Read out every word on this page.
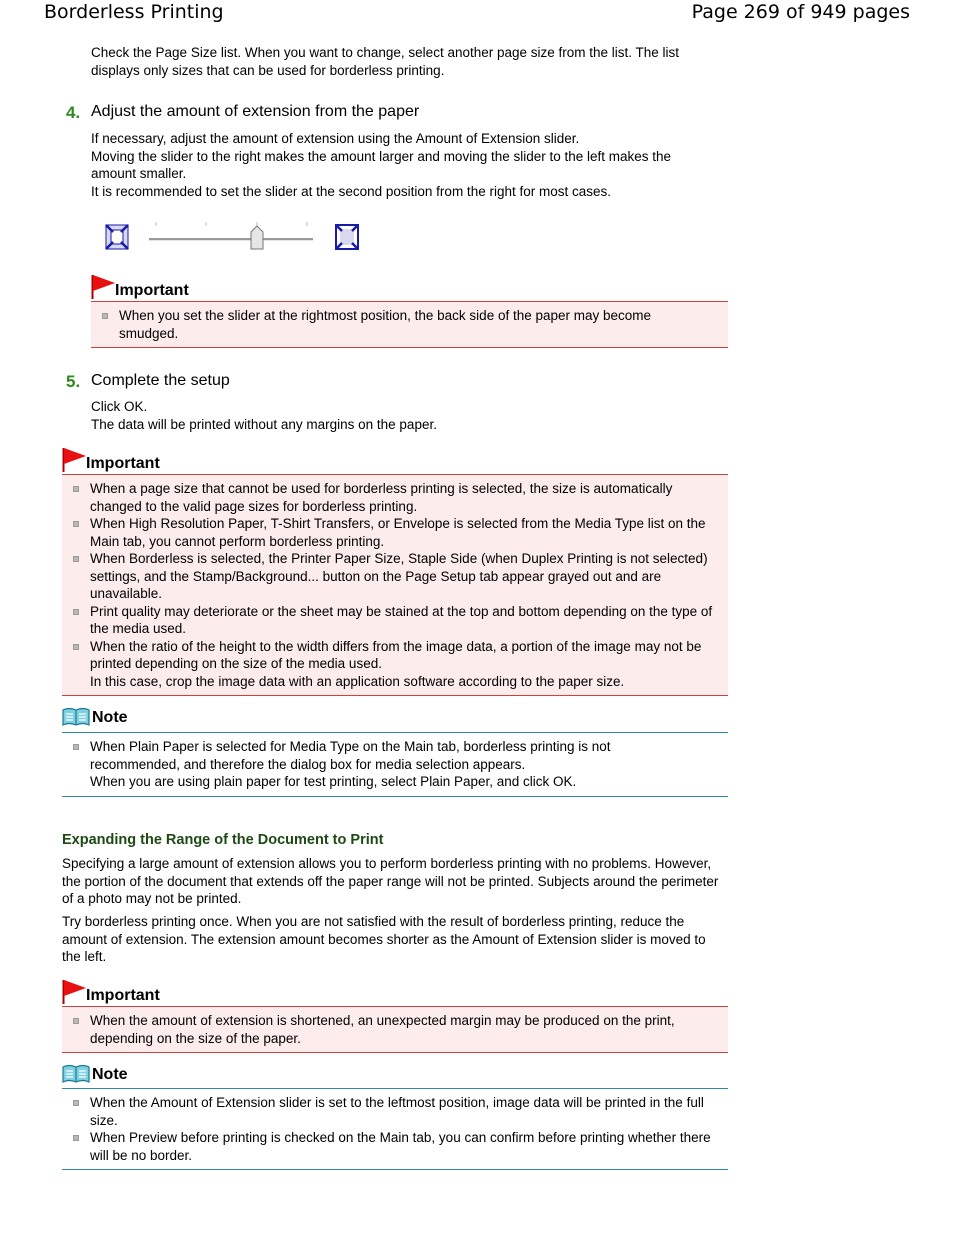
Borderless Printing	Page 269 of 949 pages
Check the Page Size list. When you want to change, select another page size from the list. The list
displays only sizes that can be used for borderless printing.
4. Adjust the amount of extension from the paper
If necessary, adjust the amount of extension using the Amount of Extension slider.
Moving the slider to the right makes the amount larger and moving the slider to the left makes the
amount smaller.
It is recommended to set the slider at the second position from the right for most cases.
Important
When you set the slider at the rightmost position, the back side of the paper may become smudged.
5. Complete the setup
Click OK.
The data will be printed without any margins on the paper.
Important
When a page size that cannot be used for borderless printing is selected, the size is automatically changed to the valid page sizes for borderless printing.
When High Resolution Paper, T-Shirt Transfers, or Envelope is selected from the Media Type list on the Main tab, you cannot perform borderless printing.
When Borderless is selected, the Printer Paper Size, Staple Side (when Duplex Printing is not selected) settings, and the Stamp/Background... button on the Page Setup tab appear grayed out and are unavailable.
Print quality may deteriorate or the sheet may be stained at the top and bottom depending on the type of the media used.
When the ratio of the height to the width differs from the image data, a portion of the image may not be printed depending on the size of the media used.
In this case, crop the image data with an application software according to the paper size.
Note
When Plain Paper is selected for Media Type on the Main tab, borderless printing is not recommended, and therefore the dialog box for media selection appears.
When you are using plain paper for test printing, select Plain Paper, and click OK.
Expanding the Range of the Document to Print
Specifying a large amount of extension allows you to perform borderless printing with no problems. However, the portion of the document that extends off the paper range will not be printed. Subjects around the perimeter of a photo may not be printed.
Try borderless printing once. When you are not satisfied with the result of borderless printing, reduce the amount of extension. The extension amount becomes shorter as the Amount of Extension slider is moved to the left.
Important
When the amount of extension is shortened, an unexpected margin may be produced on the print, depending on the size of the paper.
Note
When the Amount of Extension slider is set to the leftmost position, image data will be printed in the full size.
When Preview before printing is checked on the Main tab, you can confirm before printing whether there will be no border.
